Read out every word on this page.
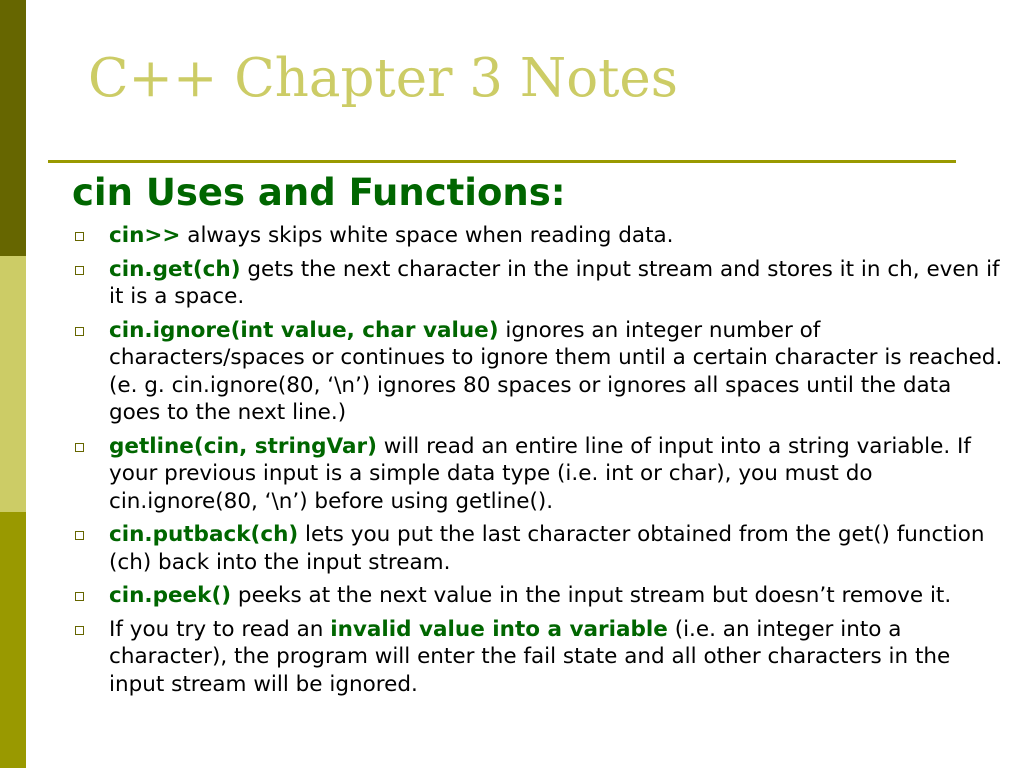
C++ Chapter 3 Notes
cin Uses and Functions:
cin>> always skips white space when reading data.
cin.get(ch) gets the next character in the input stream and stores it in ch, even if it is a space.
cin.ignore(int value, char value) ignores an integer number of characters/spaces or continues to ignore them until a certain character is reached. (e. g. cin.ignore(80, ‘\n’) ignores 80 spaces or ignores all spaces until the data goes to the next line.)
getline(cin, stringVar) will read an entire line of input into a string variable. If your previous input is a simple data type (i.e. int or char), you must do cin.ignore(80, ‘\n’) before using getline().
cin.putback(ch) lets you put the last character obtained from the get() function (ch) back into the input stream.
cin.peek() peeks at the next value in the input stream but doesn’t remove it.
If you try to read an invalid value into a variable (i.e. an integer into a character), the program will enter the fail state and all other characters in the input stream will be ignored.
